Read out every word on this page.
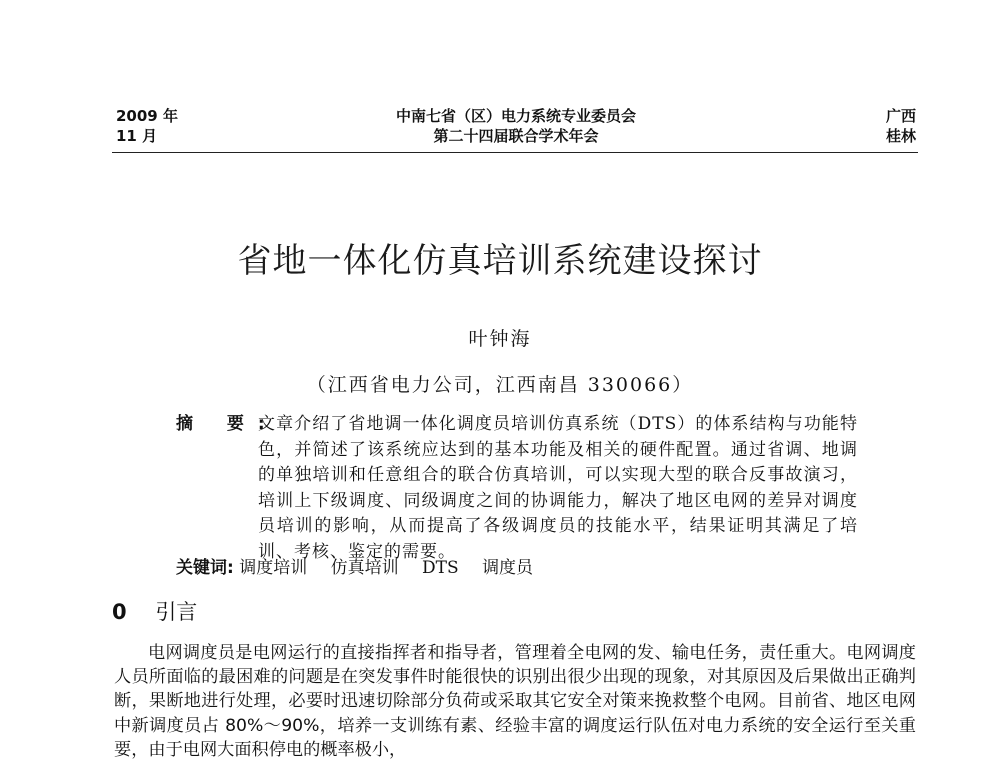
2009 年
11 月
中南七省（区）电力系统专业委员会
第二十四届联合学术年会
广西
桂林
省地一体化仿真培训系统建设探讨
叶钟海
（江西省电力公司，江西南昌 330066）
摘 要:
文章介绍了省地调一体化调度员培训仿真系统（DTS）的体系结构与功能特色，并简述了该系统应达到的基本功能及相关的硬件配置。通过省调、地调的单独培训和任意组合的联合仿真培训，可以实现大型的联合反事故演习，培训上下级调度、同级调度之间的协调能力，解决了地区电网的差异对调度员培训的影响，从而提高了各级调度员的技能水平，结果证明其满足了培训、考核、鉴定的需要。
关键词: 调度培训 仿真培训 DTS 调度员
0 引言
电网调度员是电网运行的直接指挥者和指导者，管理着全电网的发、输电任务，责任重大。电网调度人员所面临的最困难的问题是在突发事件时能很快的识别出很少出现的现象，对其原因及后果做出正确判断，果断地进行处理，必要时迅速切除部分负荷或采取其它安全对策来挽救整个电网。目前省、地区电网中新调度员占 80%～90%，培养一支训练有素、经验丰富的调度运行队伍对电力系统的安全运行至关重要，由于电网大面积停电的概率极小，
